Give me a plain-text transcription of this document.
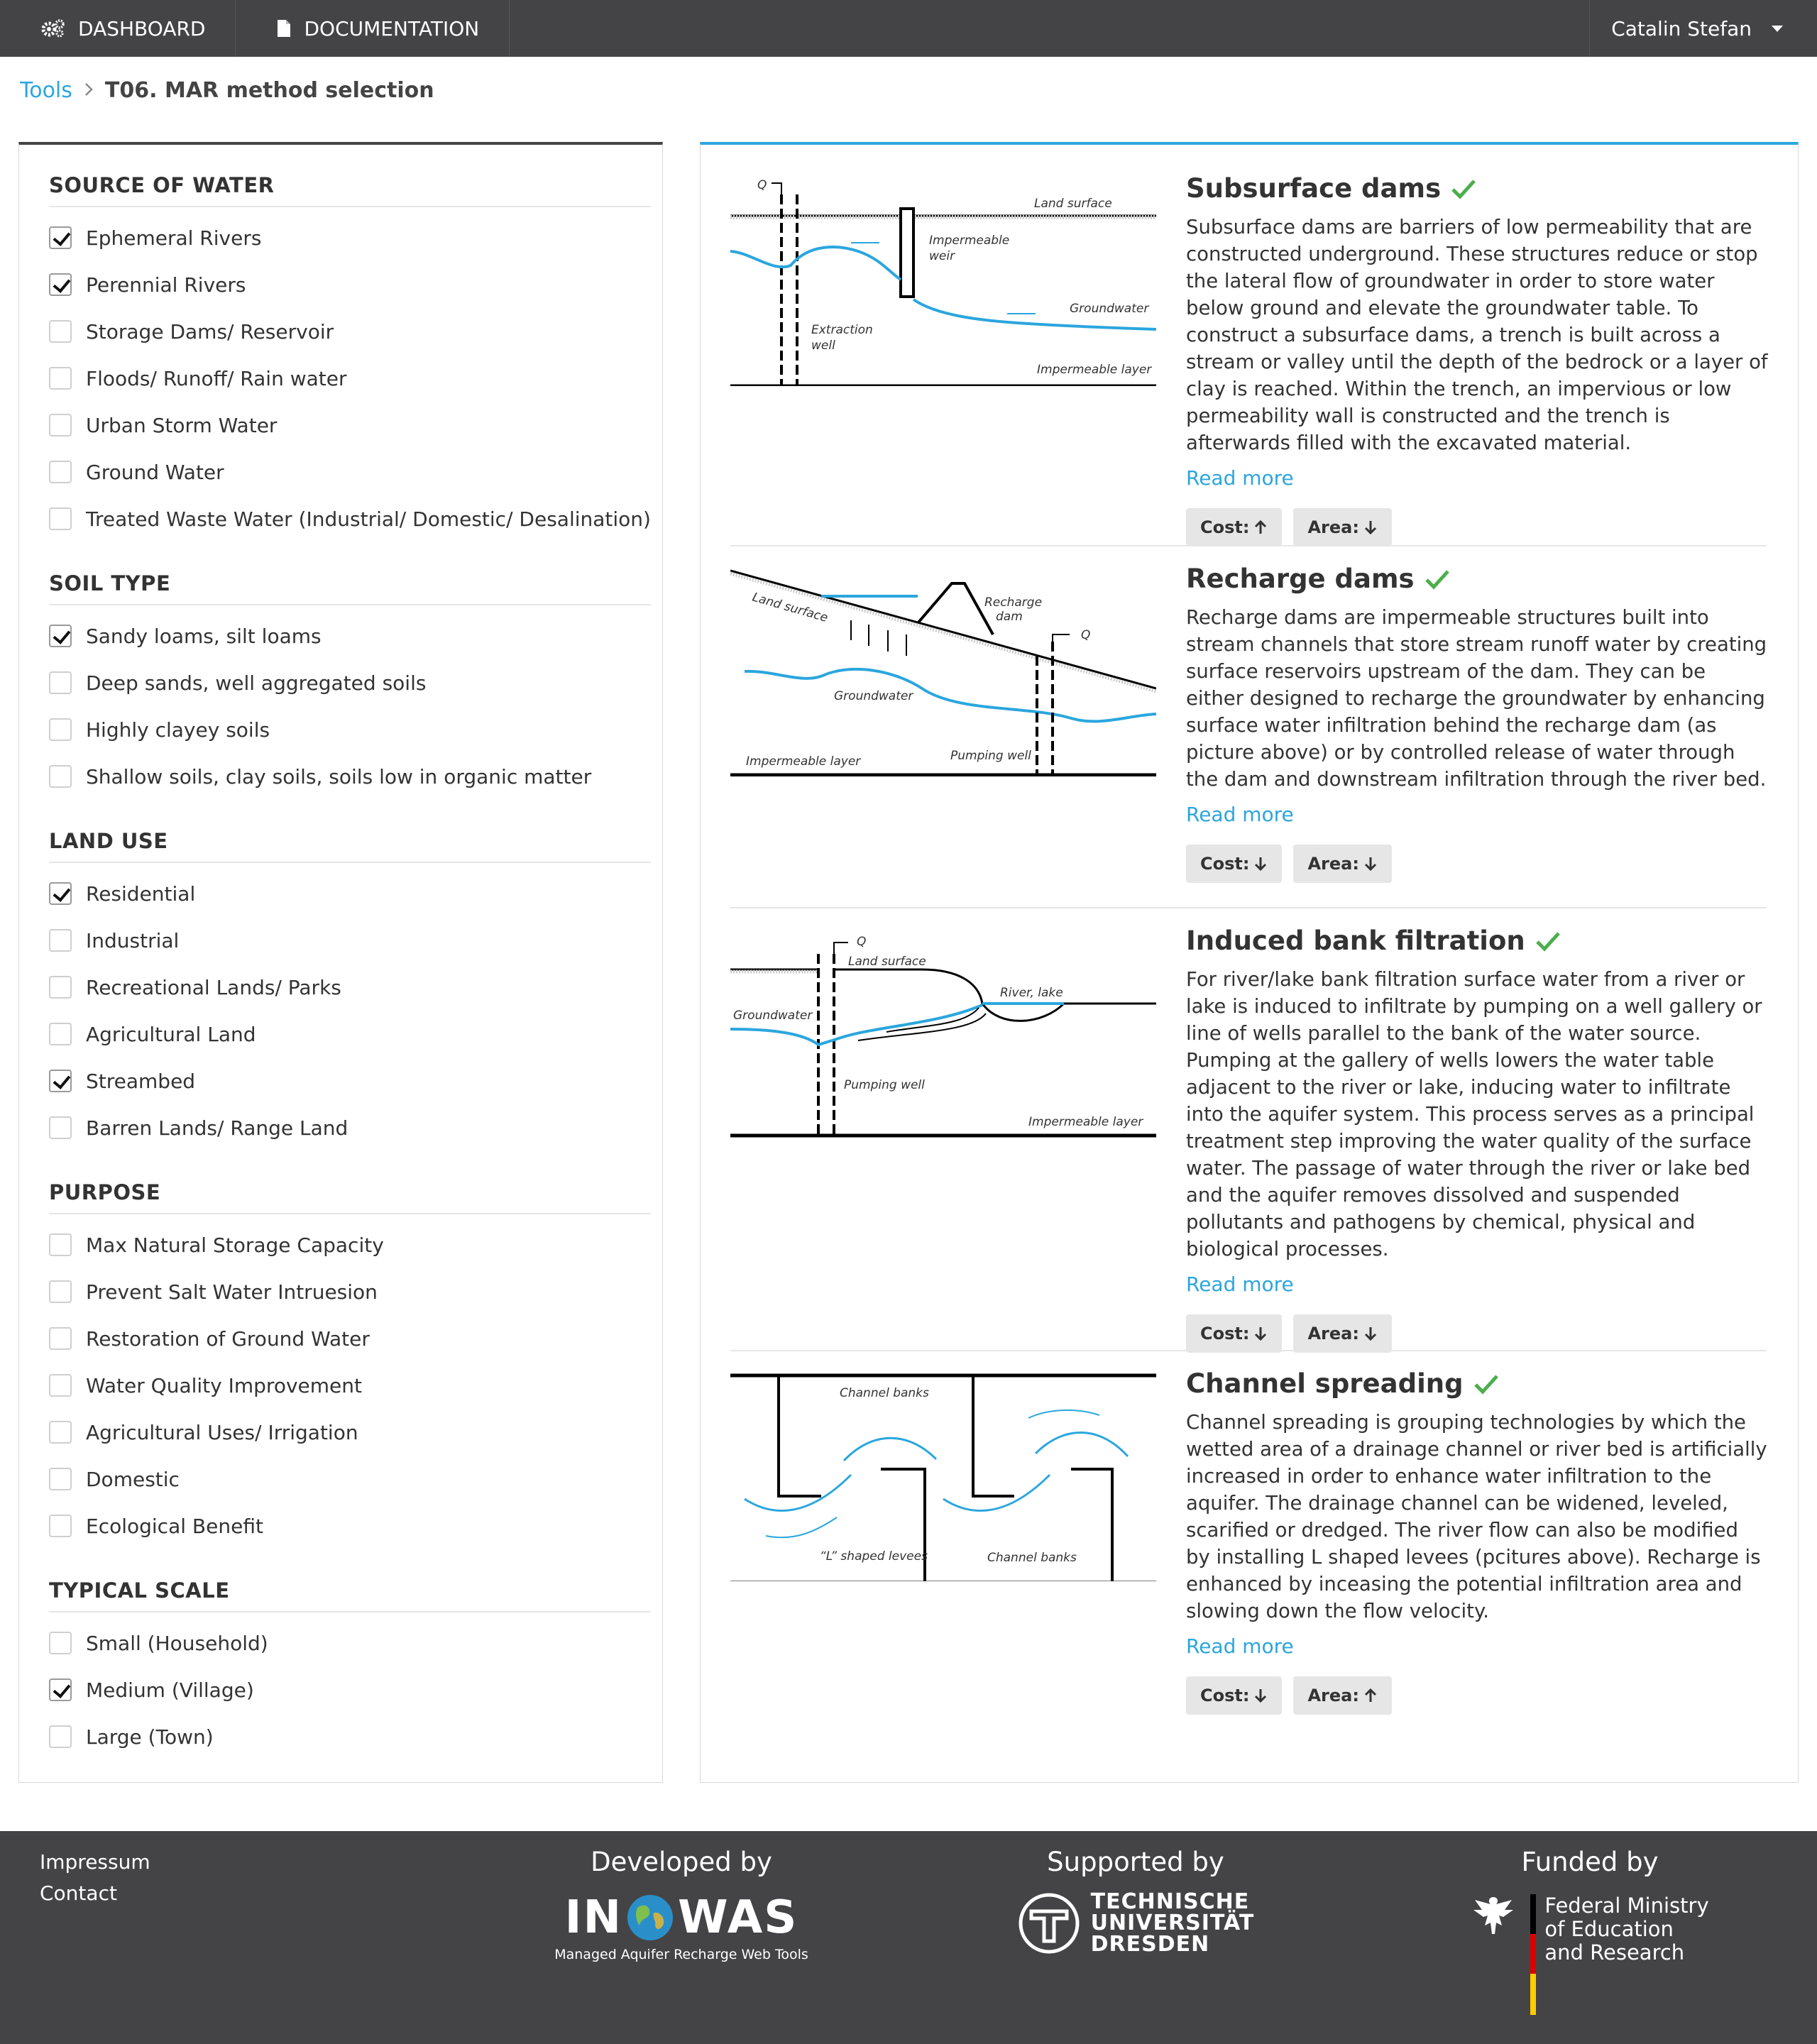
DASHBOARD	DOCUMENTATION	Catalin Stefan
Tools T06. MAR method selection
SOURCE OF WATER
Ephemeral Rivers
Perennial Rivers
Storage Dams/ Reservoir
Floods/ Runoff/ Rain water
Urban Storm Water
Ground Water
Treated Waste Water (Industrial/ Domestic/ Desalination)
SOIL TYPE
Sandy loams, silt loams
Deep sands, well aggregated soils
Highly clayey soils
Shallow soils, clay soils, soils low in organic matter
LAND USE
Residential
Industrial
Recreational Lands/ Parks
Agricultural Land
Streambed
Barren Lands/ Range Land
PURPOSE
Max Natural Storage Capacity
Prevent Salt Water Intruesion
Restoration of Ground Water
Water Quality Improvement
Agricultural Uses/ Irrigation
Domestic
Ecological Benefit
TYPICAL SCALE
Small (Household)
Medium (Village)
Large (Town)
Q
Land surface
Impermeable
weir
Groundwater
Extraction
well
Impermeable layer
Subsurface dams

Subsurface dams are barriers of low permeability that are constructed underground. These structures reduce or stop the lateral flow of groundwater in order to store water below ground and elevate the groundwater table. To construct a subsurface dams, a trench is built across a stream or valley until the depth of the bedrock or a layer of clay is reached. Within the trench, an impervious or low permeability wall is constructed and the trench is afterwards filled with the excavated material.

Read more
Cost:	Area:
Land surface	Recharge
dam
Q
Groundwater
Impermeable layer	Pumping well
Recharge dams

Recharge dams are impermeable structures built into stream channels that store stream runoff water by creating surface reservoirs upstream of the dam. They can be either designed to recharge the groundwater by enhancing surface water infiltration behind the recharge dam (as picture above) or by controlled release of water through the dam and downstream infiltration through the river bed.

Read more
Cost:	Area:
Q
Land surface
River, lake
Groundwater
Pumping well
Impermeable layer
Induced bank filtration

For river/lake bank filtration surface water from a river or lake is induced to infiltrate by pumping on a well gallery or line of wells parallel to the bank of the water source. Pumping at the gallery of wells lowers the water table adjacent to the river or lake, inducing water to infiltrate into the aquifer system. This process serves as a principal treatment step improving the water quality of the surface water. The passage of water through the river or lake bed and the aquifer removes dissolved and suspended pollutants and pathogens by chemical, physical and biological processes.

Read more
Cost:	Area:
Channel banks
“L” shaped levees	Channel banks
Channel spreading

Channel spreading is grouping technologies by which the wetted area of a drainage channel or river bed is artificially increased in order to enhance water infiltration to the aquifer. The drainage channel can be widened, leveled, scarified or dredged. The river flow can also be modified by installing L shaped levees (pcitures above). Recharge is enhanced by inceasing the potential infiltration area and slowing down the flow velocity.

Read more
Cost:	Area:
Impressum
Contact
Developed by
IN WAS
Managed Aquifer Recharge Web Tools
Supported by
TECHNISCHE
UNIVERSITÄT
DRESDEN
Funded by
Federal Ministry
of Education
and Research
